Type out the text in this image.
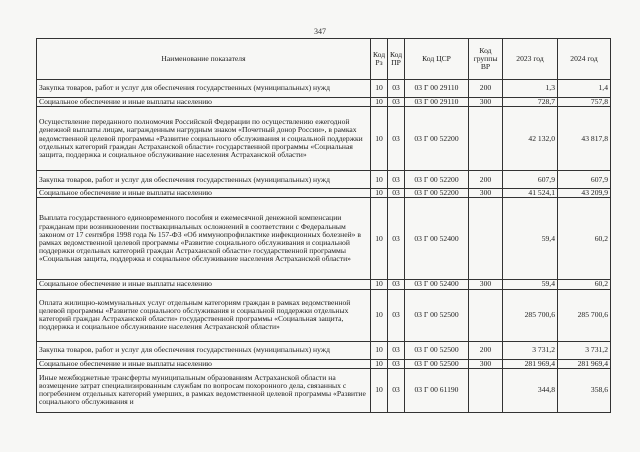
347
Наименование показателя	Код Рз	Код ПР	Код ЦСР	Код группы ВР	2023 год	2024 год
Закупка товаров, работ и услуг для обеспечения государственных (муниципальных) нужд	10	03	03 Г 00 29110	200	1,3	1,4
Социальное обеспечение и иные выплаты населению	10	03	03 Г 00 29110	300	728,7	757,8
Осуществление переданного полномочия Российской Федерации по осуществлению ежегодной денежной выплаты лицам, награжденным нагрудным знаком «Почетный донор России», в рамках ведомственной целевой программы «Развитие социального обслуживания и социальной поддержки отдельных категорий граждан Астраханской области» государственной программы «Социальная защита, поддержка и социальное обслуживание населения Астраханской области»	10	03	03 Г 00 52200		42 132,0	43 817,8
Закупка товаров, работ и услуг для обеспечения государственных (муниципальных) нужд	10	03	03 Г 00 52200	200	607,9	607,9
Социальное обеспечение и иные выплаты населению	10	03	03 Г 00 52200	300	41 524,1	43 209,9
Выплата государственного единовременного пособия и ежемесячной денежной компенсации гражданам при возникновении поствакцинальных осложнений в соответствии с Федеральным законом от 17 сентября 1998 года № 157-ФЗ «Об иммунопрофилактике инфекционных болезней» в рамках ведомственной целевой программы «Развитие социального обслуживания и социальной поддержки отдельных категорий граждан Астраханской области» государственной программы «Социальная защита, поддержка и социальное обслуживание населения Астраханской области»	10	03	03 Г 00 52400		59,4	60,2
Социальное обеспечение и иные выплаты населению	10	03	03 Г 00 52400	300	59,4	60,2
Оплата жилищно-коммунальных услуг отдельным категориям граждан в рамках ведомственной целевой программы «Развитие социального обслуживания и социальной поддержки отдельных категорий граждан Астраханской области» государственной программы «Социальная защита, поддержка и социальное обслуживание населения Астраханской области»	10	03	03 Г 00 52500		285 700,6	285 700,6
Закупка товаров, работ и услуг для обеспечения государственных (муниципальных) нужд	10	03	03 Г 00 52500	200	3 731,2	3 731,2
Социальное обеспечение и иные выплаты населению	10	03	03 Г 00 52500	300	281 969,4	281 969,4
Иные межбюджетные трансферты муниципальным образованиям Астраханской области на возмещение затрат специализированным службам по вопросам похоронного дела, связанных с погребением отдельных категорий умерших, в рамках ведомственной целевой программы «Развитие социального обслуживания и	10	03	03 Г 00 61190		344,8	358,6
